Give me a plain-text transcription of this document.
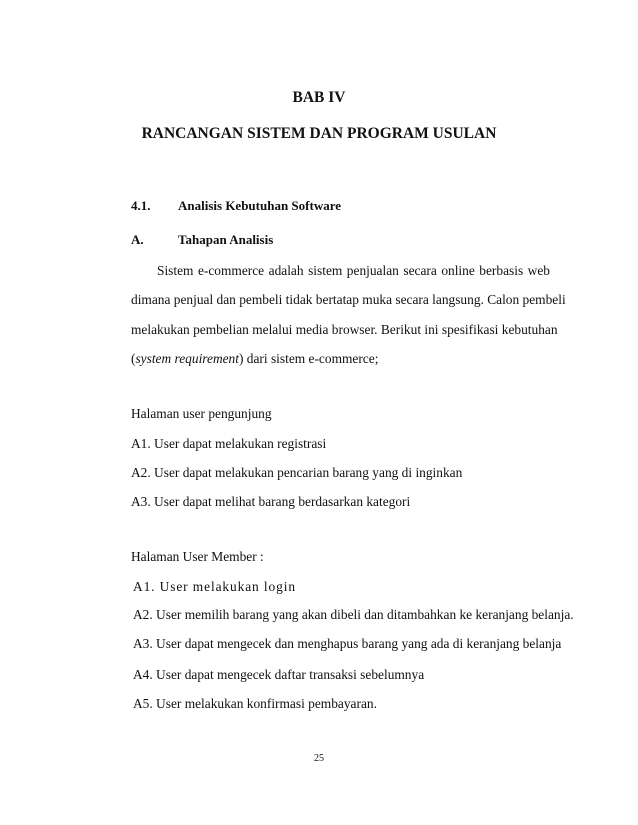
BAB IV
RANCANGAN SISTEM DAN PROGRAM USULAN
4.1. Analisis Kebutuhan Software
A.	Tahapan Analisis
Sistem e-commerce adalah sistem penjualan secara online berbasis web
dimana penjual dan pembeli tidak bertatap muka secara langsung. Calon pembeli
melakukan pembelian melalui media browser. Berikut ini spesifikasi kebutuhan
(system requirement) dari sistem e-commerce;
Halaman user pengunjung
A1. User dapat melakukan registrasi
A2. User dapat melakukan pencarian barang yang di inginkan
A3. User dapat melihat barang berdasarkan kategori
Halaman User Member :
A1. User melakukan login
A2. User memilih barang yang akan dibeli dan ditambahkan ke keranjang belanja.
A3. User dapat mengecek dan menghapus barang yang ada di keranjang belanja
A4. User dapat mengecek daftar transaksi sebelumnya
A5. User melakukan konfirmasi pembayaran.
25
